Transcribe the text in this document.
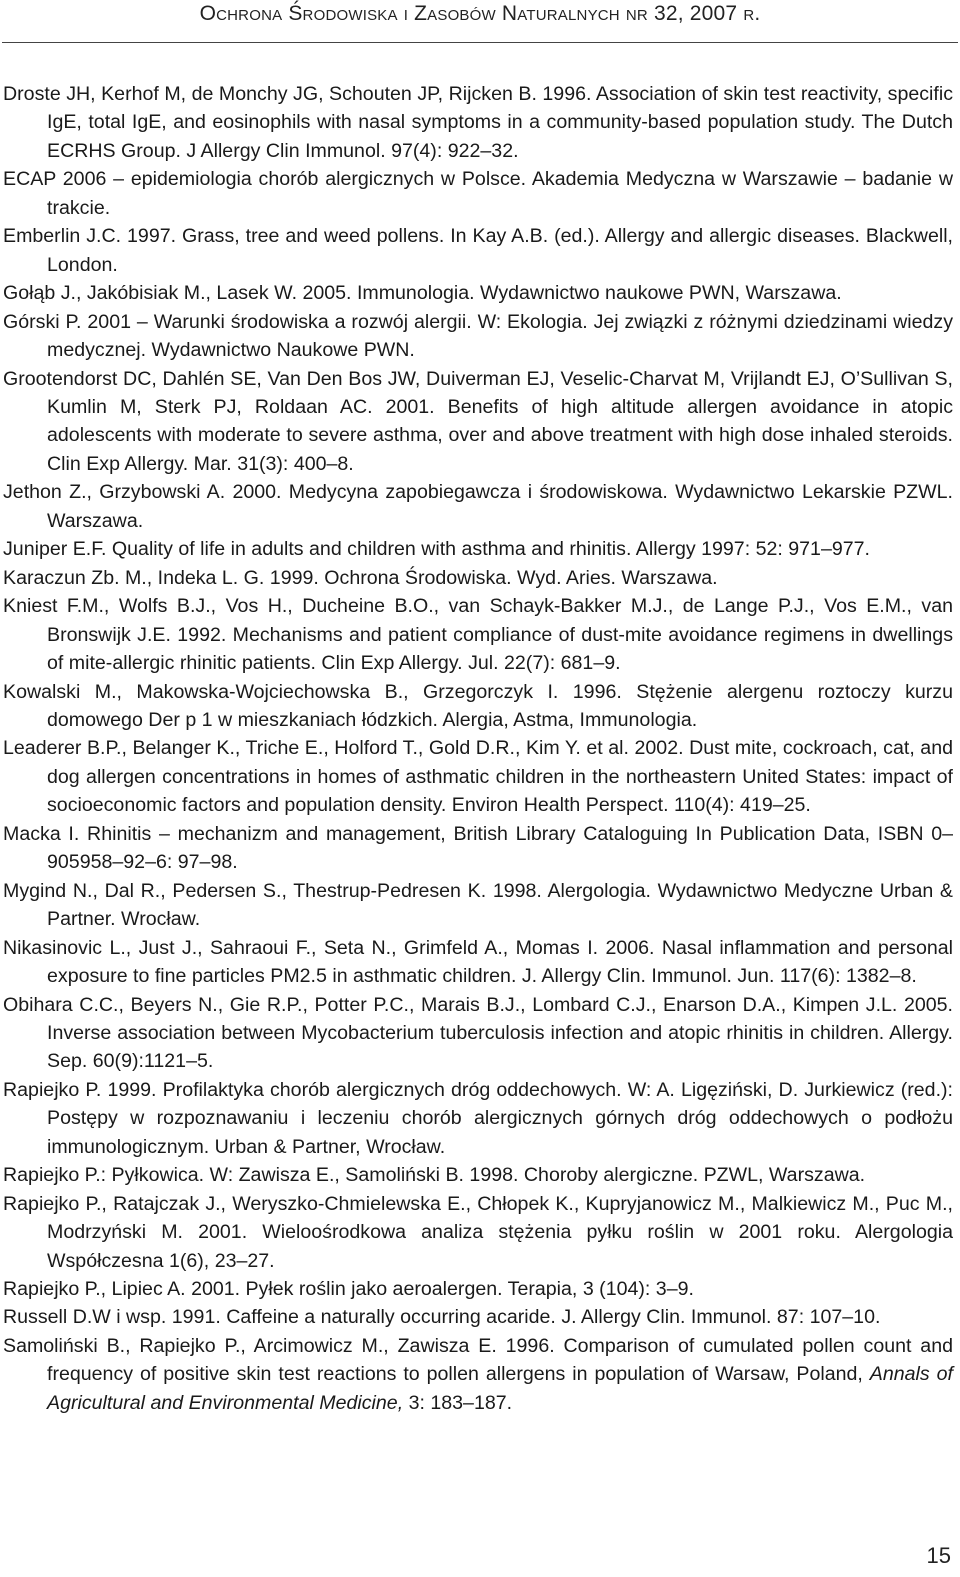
Ochrona Środowiska i Zasobów Naturalnych nr 32, 2007 r.
Droste JH, Kerhof M, de Monchy JG, Schouten JP, Rijcken B. 1996. Association of skin test reactivity, specific IgE, total IgE, and eosinophils with nasal symptoms in a community-based population study. The Dutch ECRHS Group. J Allergy Clin Immunol. 97(4): 922–32.
ECAP 2006 – epidemiologia chorób alergicznych w Polsce. Akademia Medyczna w Warszawie – badanie w trakcie.
Emberlin J.C. 1997. Grass, tree and weed pollens. In Kay A.B. (ed.). Allergy and allergic diseases. Blackwell, London.
Gołąb J., Jakóbisiak M., Lasek W. 2005. Immunologia. Wydawnictwo naukowe PWN, Warszawa.
Górski P. 2001 – Warunki środowiska a rozwój alergii. W: Ekologia. Jej związki z różnymi dziedzinami wiedzy medycznej. Wydawnictwo Naukowe PWN.
Grootendorst DC, Dahlén SE, Van Den Bos JW, Duiverman EJ, Veselic-Charvat M, Vrijlandt EJ, O’Sullivan S, Kumlin M, Sterk PJ, Roldaan AC. 2001. Benefits of high altitude allergen avoidance in atopic adolescents with moderate to severe asthma, over and above treatment with high dose inhaled steroids. Clin Exp Allergy. Mar. 31(3): 400–8.
Jethon Z., Grzybowski A. 2000. Medycyna zapobiegawcza i środowiskowa. Wydawnictwo Lekarskie PZWL. Warszawa.
Juniper E.F. Quality of life in adults and children with asthma and rhinitis. Allergy 1997: 52: 971–977.
Karaczun Zb. M., Indeka L. G. 1999. Ochrona Środowiska. Wyd. Aries. Warszawa.
Kniest F.M., Wolfs B.J., Vos H., Ducheine B.O., van Schayk-Bakker M.J., de Lange P.J., Vos E.M., van Bronswijk J.E. 1992. Mechanisms and patient compliance of dust-mite avoidance regimens in dwellings of mite-allergic rhinitic patients. Clin Exp Allergy. Jul. 22(7): 681–9.
Kowalski M., Makowska-Wojciechowska B., Grzegorczyk I. 1996. Stężenie alergenu roztoczy kurzu domowego Der p 1 w mieszkaniach łódzkich. Alergia, Astma, Immunologia.
Leaderer B.P., Belanger K., Triche E., Holford T., Gold D.R., Kim Y. et al. 2002. Dust mite, cockroach, cat, and dog allergen concentrations in homes of asthmatic children in the northeastern United States: impact of socioeconomic factors and population density. Environ Health Perspect. 110(4): 419–25.
Macka I. Rhinitis – mechanizm and management, British Library Cataloguing In Publication Data, ISBN 0–905958–92–6: 97–98.
Mygind N., Dal R., Pedersen S., Thestrup-Pedresen K. 1998. Alergologia. Wydawnictwo Medyczne Urban & Partner. Wrocław.
Nikasinovic L., Just J., Sahraoui F., Seta N., Grimfeld A., Momas I. 2006. Nasal inflammation and personal exposure to fine particles PM2.5 in asthmatic children. J. Allergy Clin. Immunol. Jun. 117(6): 1382–8.
Obihara C.C., Beyers N., Gie R.P., Potter P.C., Marais B.J., Lombard C.J., Enarson D.A., Kimpen J.L. 2005. Inverse association between Mycobacterium tuberculosis infection and atopic rhinitis in children. Allergy. Sep. 60(9):1121–5.
Rapiejko P. 1999. Profilaktyka chorób alergicznych dróg oddechowych. W: A. Ligęziński, D. Jurkiewicz (red.): Postępy w rozpoznawaniu i leczeniu chorób alergicznych górnych dróg oddechowych o podłożu immunologicznym. Urban & Partner, Wrocław.
Rapiejko P.: Pyłkowica. W: Zawisza E., Samoliński B. 1998. Choroby alergiczne. PZWL, Warszawa.
Rapiejko P., Ratajczak J., Weryszko-Chmielewska E., Chłopek K., Kupryjanowicz M., Malkiewicz M., Puc M., Modrzyński M. 2001. Wieloośrodkowa analiza stężenia pyłku roślin w 2001 roku. Alergologia Współczesna 1(6), 23–27.
Rapiejko P., Lipiec A. 2001. Pyłek roślin jako aeroalergen. Terapia, 3 (104): 3–9.
Russell D.W i wsp. 1991. Caffeine a naturally occurring acaride. J. Allergy Clin. Immunol. 87: 107–10.
Samoliński B., Rapiejko P., Arcimowicz M., Zawisza E. 1996. Comparison of cumulated pollen count and frequency of positive skin test reactions to pollen allergens in population of Warsaw, Poland, Annals of Agricultural and Environmental Medicine, 3: 183–187.
15
